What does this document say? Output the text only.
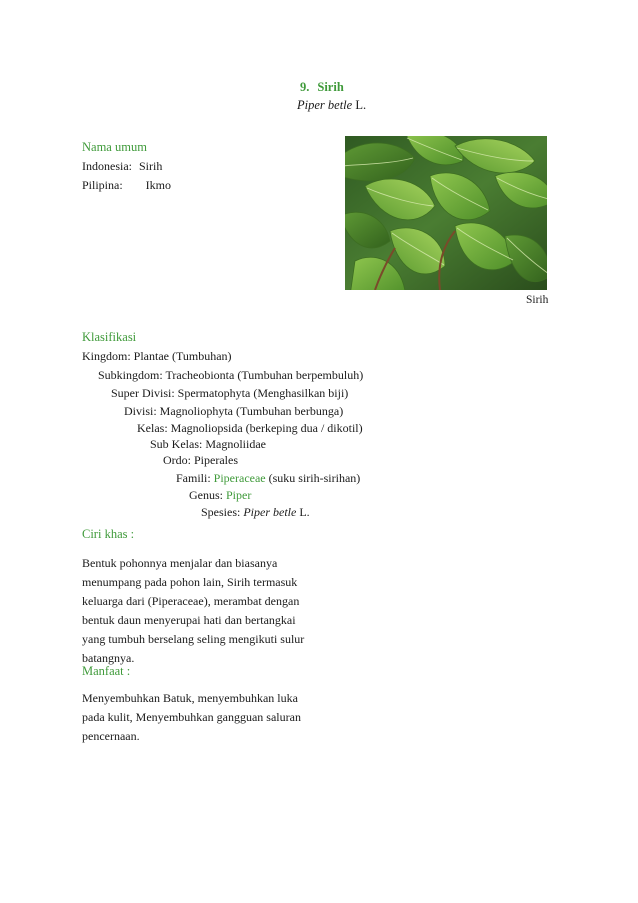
9. Sirih
Piper betle L.
Nama umum
Indonesia: Sirih
Pilipina: Ikmo
Sirih
Klasifikasi
Kingdom: Plantae (Tumbuhan)
Subkingdom: Tracheobionta (Tumbuhan berpembuluh)
Super Divisi: Spermatophyta (Menghasilkan biji)
Divisi: Magnoliophyta (Tumbuhan berbunga)
Kelas: Magnoliopsida (berkeping dua / dikotil)
Sub Kelas: Magnoliidae
Ordo: Piperales
Famili: Piperaceae (suku sirih-sirihan)
Genus: Piper
Spesies: Piper betle L.
Ciri khas :
Bentuk pohonnya menjalar dan biasanya
menumpang pada pohon lain, Sirih termasuk
keluarga dari (Piperaceae), merambat dengan
bentuk daun menyerupai hati dan bertangkai
yang tumbuh berselang seling mengikuti sulur
batangnya.
Manfaat :
Menyembuhkan Batuk, menyembuhkan luka
pada kulit, Menyembuhkan gangguan saluran
pencernaan.
